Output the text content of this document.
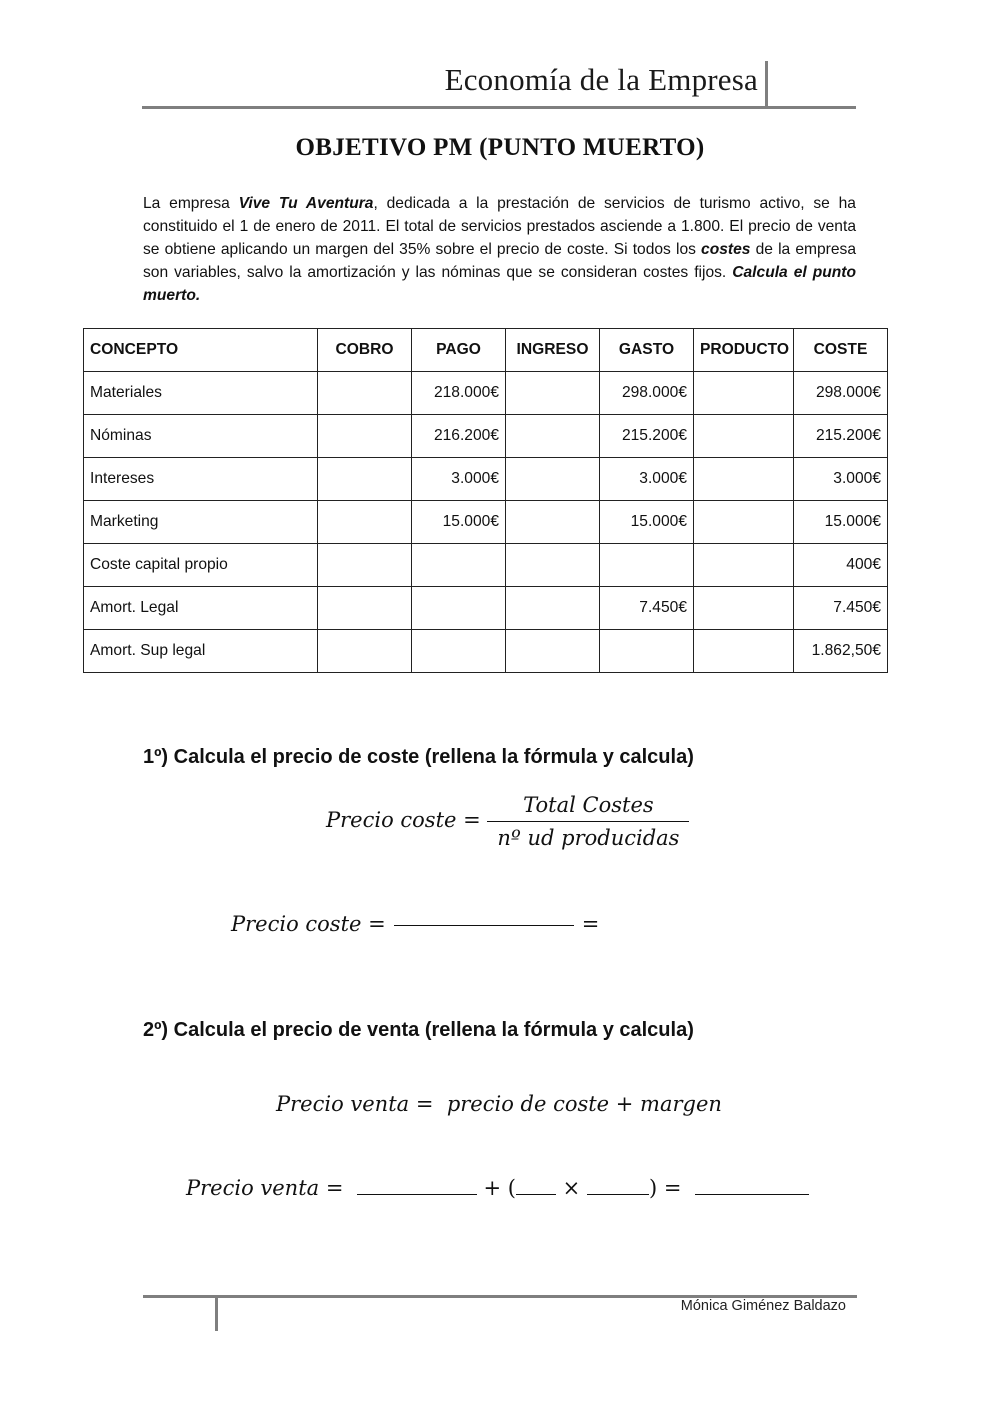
Economía de la Empresa
OBJETIVO PM (PUNTO MUERTO)
La empresa Vive Tu Aventura, dedicada a la prestación de servicios de turismo activo, se ha constituido el 1 de enero de 2011. El total de servicios prestados asciende a 1.800. El precio de venta se obtiene aplicando un margen del 35% sobre el precio de coste. Si todos los costes de la empresa son variables, salvo la amortización y las nóminas que se consideran costes fijos. Calcula el punto muerto.
CONCEPTO	COBRO	PAGO	INGRESO	GASTO	PRODUCTO	COSTE
Materiales		218.000€		298.000€		298.000€
Nóminas		216.200€		215.200€		215.200€
Intereses		3.000€		3.000€		3.000€
Marketing		15.000€		15.000€		15.000€
Coste capital propio						400€
Amort. Legal				7.450€		7.450€
Amort. Sup legal						1.862,50€
1º) Calcula el precio de coste (rellena la fórmula y calcula)
Precio coste = $\frac{\text{Total Costes}}{\text{nº ud producidas}}$
Precio coste =	=
2º) Calcula el precio de venta (rellena la fórmula y calcula)
Precio venta = precio de coste + margen
Precio venta =	+ ( ×	) =
Mónica Giménez Baldazo
